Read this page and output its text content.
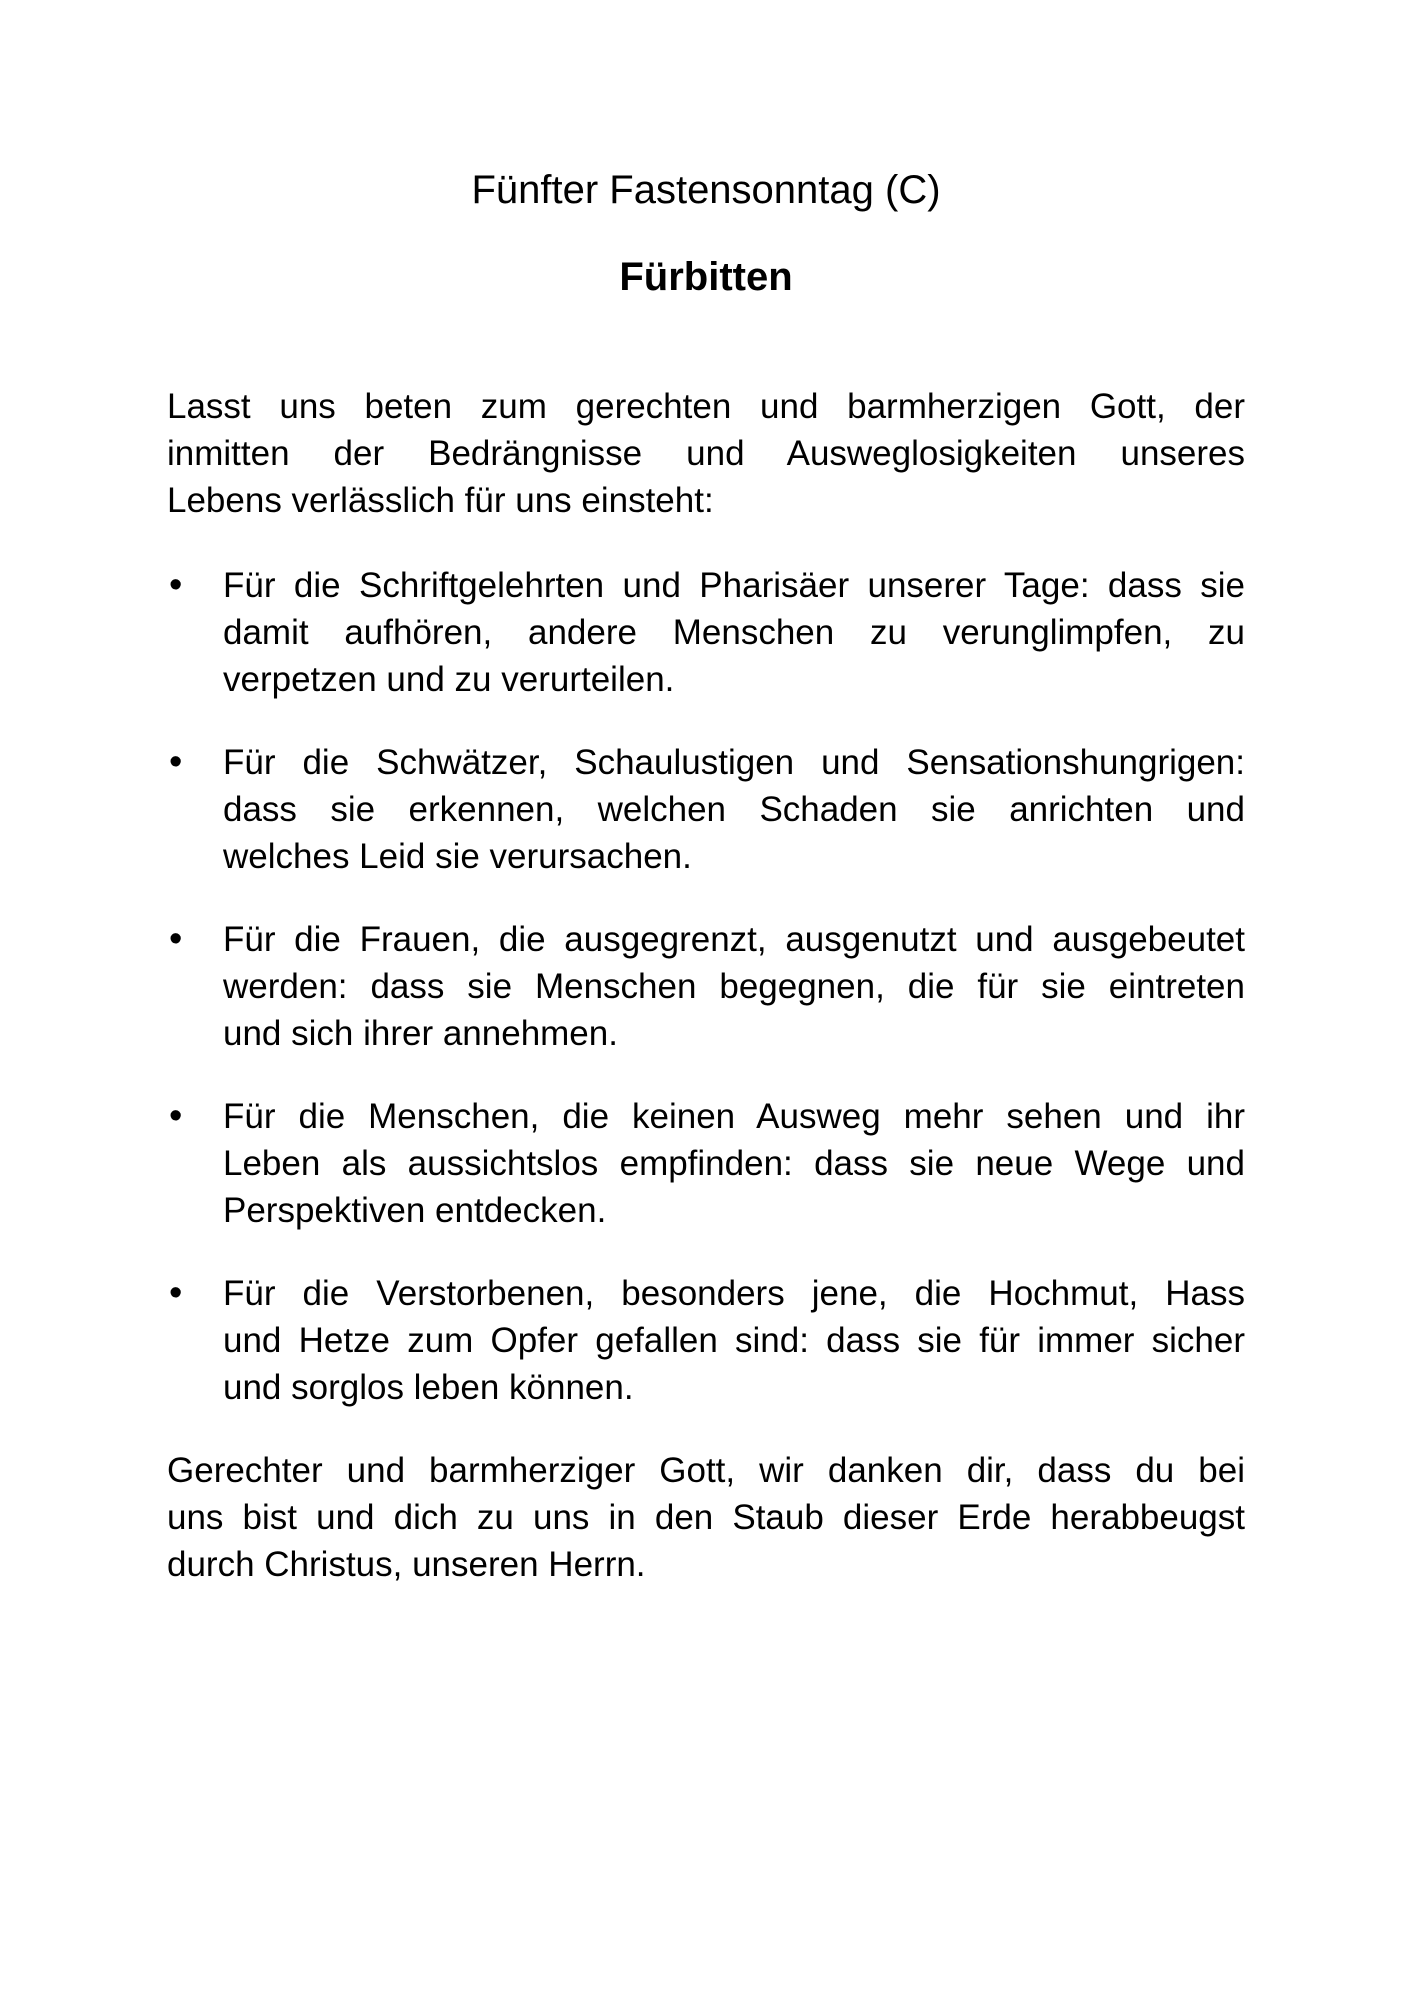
Fünfter Fastensonntag (C)
Fürbitten

Lasst uns beten zum gerechten und barmherzigen Gott, der
inmitten der Bedrängnisse und Ausweglosigkeiten unseres
Lebens verlässlich für uns einsteht:

• Für die Schriftgelehrten und Pharisäer unserer Tage: dass sie
damit aufhören, andere Menschen zu verunglimpfen, zu
verpetzen und zu verurteilen.
• Für die Schwätzer, Schaulustigen und Sensationshungrigen:
dass sie erkennen, welchen Schaden sie anrichten und
welches Leid sie verursachen.
• Für die Frauen, die ausgegrenzt, ausgenutzt und ausgebeutet
werden: dass sie Menschen begegnen, die für sie eintreten
und sich ihrer annehmen.
• Für die Menschen, die keinen Ausweg mehr sehen und ihr
Leben als aussichtslos empfinden: dass sie neue Wege und
Perspektiven entdecken.
• Für die Verstorbenen, besonders jene, die Hochmut, Hass
und Hetze zum Opfer gefallen sind: dass sie für immer sicher
und sorglos leben können.

Gerechter und barmherziger Gott, wir danken dir, dass du bei
uns bist und dich zu uns in den Staub dieser Erde herabbeugst
durch Christus, unseren Herrn.
